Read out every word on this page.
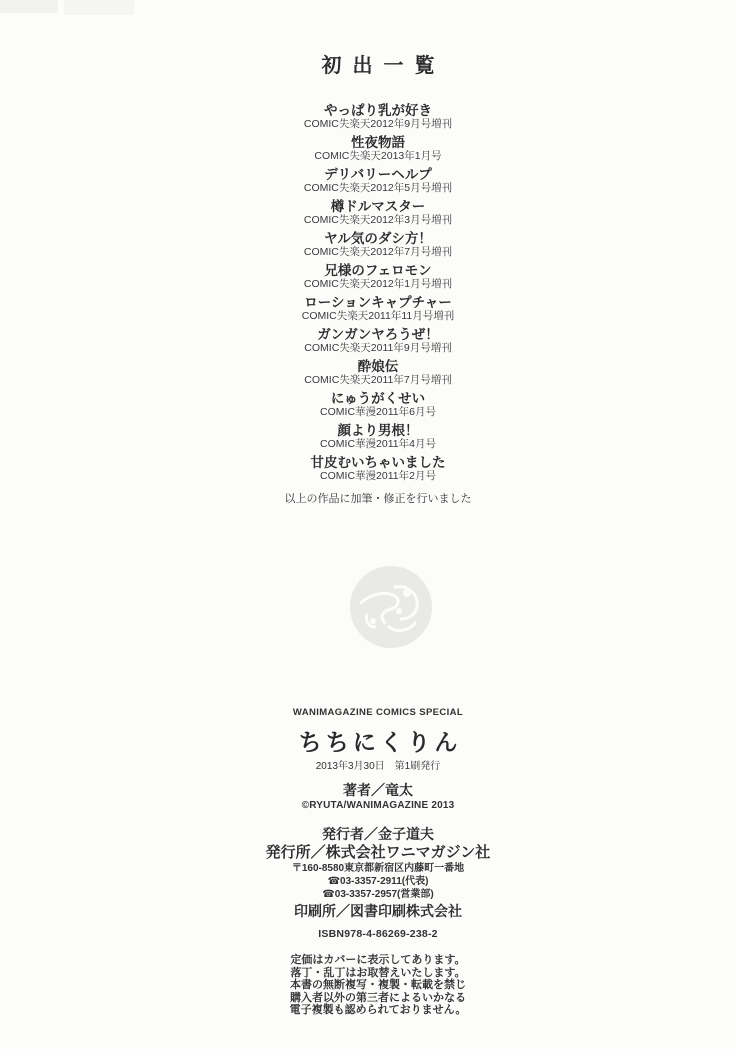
初出一覧
やっぱり乳が好き
COMIC失楽天2012年9月号増刊
性夜物語
COMIC失楽天2013年1月号
デリバリーヘルプ
COMIC失楽天2012年5月号増刊
樽ドルマスター
COMIC失楽天2012年3月号増刊
ヤル気のダシ方！
COMIC失楽天2012年7月号増刊
兄様のフェロモン
COMIC失楽天2012年1月号増刊
ローションキャプチャー
COMIC失楽天2011年11月号増刊
ガンガンヤろうぜ！
COMIC失楽天2011年9月号増刊
酔娘伝
COMIC失楽天2011年7月号増刊
にゅうがくせい
COMIC華漫2011年6月号
顔より男根！
COMIC華漫2011年4月号
甘皮むいちゃいました
COMIC華漫2011年2月号
以上の作品に加筆・修正を行いました
WANIMAGAZINE COMICS SPECIAL
ちちにくりん
2013年3月30日　第1刷発行
著者／竜太
©RYUTA/WANIMAGAZINE 2013
発行者／金子道夫
発行所／株式会社ワニマガジン社
〒160-8580東京都新宿区内藤町一番地
☎03-3357-2911(代表)
☎03-3357-2957(営業部)
印刷所／図書印刷株式会社
ISBN978-4-86269-238-2
定価はカバーに表示してあります。
落丁・乱丁はお取替えいたします。
本書の無断複写・複製・転載を禁じ
購入者以外の第三者によるいかなる
電子複製も認められておりません。
